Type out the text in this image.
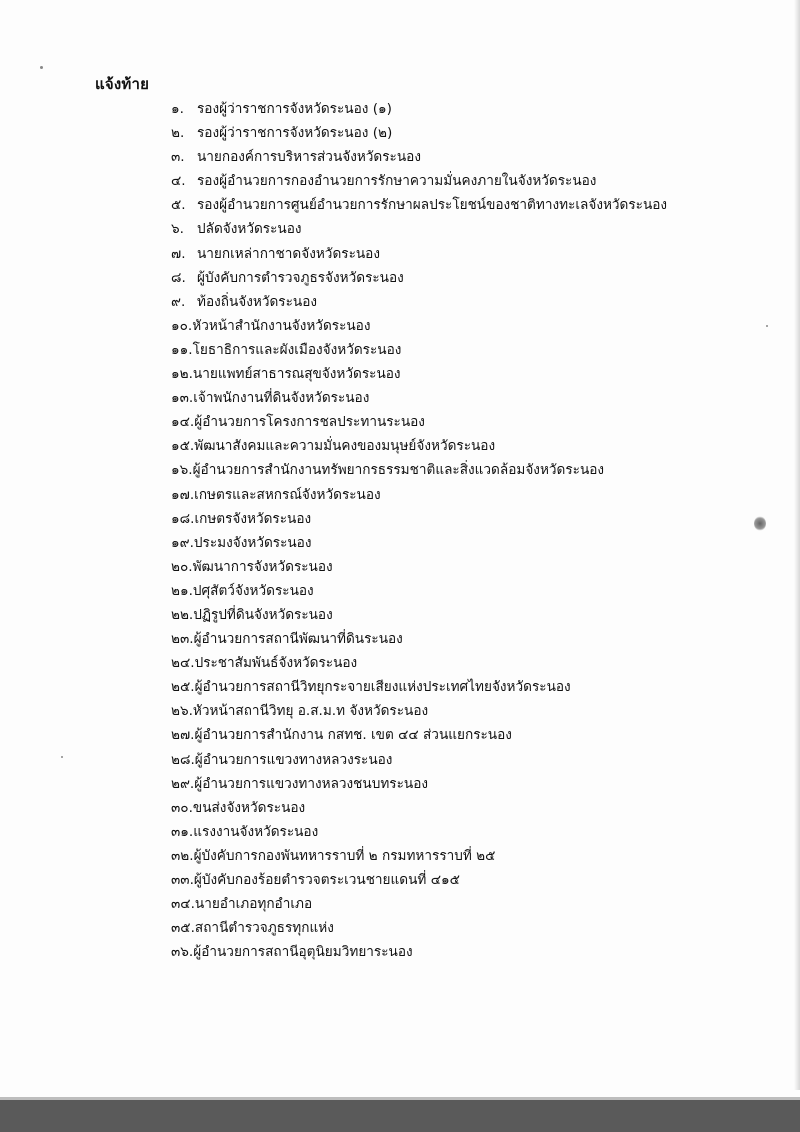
แจ้งท้าย
๑. รองผู้ว่าราชการจังหวัดระนอง (๑)
๒. รองผู้ว่าราชการจังหวัดระนอง (๒)
๓. นายกองค์การบริหารส่วนจังหวัดระนอง
๔. รองผู้อำนวยการกองอำนวยการรักษาความมั่นคงภายในจังหวัดระนอง
๕. รองผู้อำนวยการศูนย์อำนวยการรักษาผลประโยชน์ของชาติทางทะเลจังหวัดระนอง
๖. ปลัดจังหวัดระนอง
๗. นายกเหล่ากาชาดจังหวัดระนอง
๘. ผู้บังคับการตำรวจภูธรจังหวัดระนอง
๙. ท้องถิ่นจังหวัดระนอง
๑๐.หัวหน้าสำนักงานจังหวัดระนอง
๑๑.โยธาธิการและผังเมืองจังหวัดระนอง
๑๒.นายแพทย์สาธารณสุขจังหวัดระนอง
๑๓.เจ้าพนักงานที่ดินจังหวัดระนอง
๑๔.ผู้อำนวยการโครงการชลประทานระนอง
๑๕.พัฒนาสังคมและความมั่นคงของมนุษย์จังหวัดระนอง
๑๖.ผู้อำนวยการสำนักงานทรัพยากรธรรมชาติและสิ่งแวดล้อมจังหวัดระนอง
๑๗.เกษตรและสหกรณ์จังหวัดระนอง
๑๘.เกษตรจังหวัดระนอง
๑๙.ประมงจังหวัดระนอง
๒๐.พัฒนาการจังหวัดระนอง
๒๑.ปศุสัตว์จังหวัดระนอง
๒๒.ปฏิรูปที่ดินจังหวัดระนอง
๒๓.ผู้อำนวยการสถานีพัฒนาที่ดินระนอง
๒๔.ประชาสัมพันธ์จังหวัดระนอง
๒๕.ผู้อำนวยการสถานีวิทยุกระจายเสียงแห่งประเทศไทยจังหวัดระนอง
๒๖.หัวหน้าสถานีวิทยุ อ.ส.ม.ท จังหวัดระนอง
๒๗.ผู้อำนวยการสำนักงาน กสทช. เขต ๔๔ ส่วนแยกระนอง
๒๘.ผู้อำนวยการแขวงทางหลวงระนอง
๒๙.ผู้อำนวยการแขวงทางหลวงชนบทระนอง
๓๐.ขนส่งจังหวัดระนอง
๓๑.แรงงานจังหวัดระนอง
๓๒.ผู้บังคับการกองพันทหารราบที่ ๒ กรมทหารราบที่ ๒๕
๓๓.ผู้บังคับกองร้อยตำรวจตระเวนชายแดนที่ ๔๑๕
๓๔.นายอำเภอทุกอำเภอ
๓๕.สถานีตำรวจภูธรทุกแห่ง
๓๖.ผู้อำนวยการสถานีอุตุนิยมวิทยาระนอง
